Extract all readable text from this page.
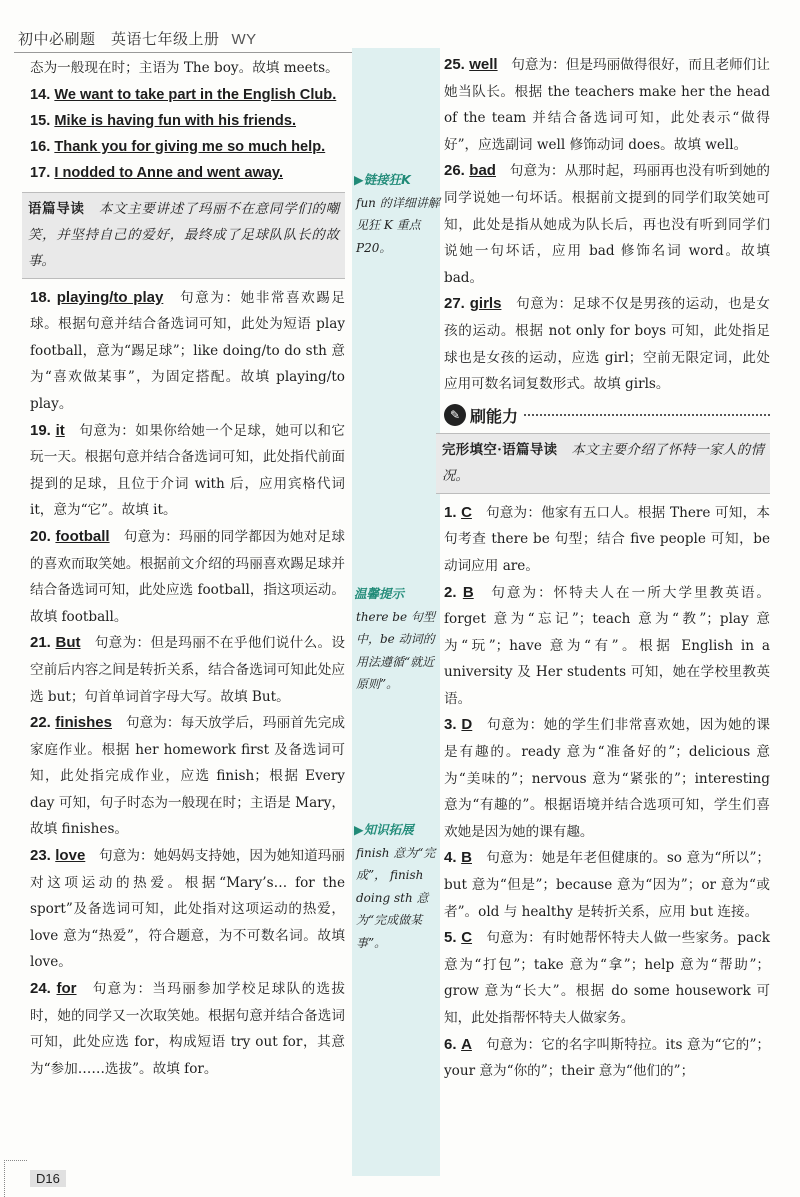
初中必刷题　英语七年级上册 WY

态为一般现在时；主语为 The boy。故填 meets。

14. We want to take part in the English Club.
15. Mike is having fun with his friends.
16. Thank you for giving me so much help.
17. I nodded to Anne and went away.

语篇导读　 本文主要讲述了玛丽不在意同学们的嘲笑，并坚持自己的爱好，最终成了足球队队长的故事。

18. playing/to play　 句意为：她非常喜欢踢足球。根据句意并结合备选词可知，此处为短语 play football，意为“踢足球”；like doing/to do sth 意为“喜欢做某事”，为固定搭配。故填 playing/to play。

19. it　 句意为：如果你给她一个足球，她可以和它玩一天。根据句意并结合备选词可知，此处指代前面提到的足球，且位于介词 with 后，应用宾格代词 it，意为“它”。故填 it。

20. football　 句意为：玛丽的同学都因为她对足球的喜欢而取笑她。根据前文介绍的玛丽喜欢踢足球并结合备选词可知，此处应选 football，指这项运动。故填 football。

21. But　 句意为：但是玛丽不在乎他们说什么。设空前后内容之间是转折关系，结合备选词可知此处应选 but；句首单词首字母大写。故填 But。

22. finishes　 句意为：每天放学后，玛丽首先完成家庭作业。根据 her homework first 及备选词可知，此处指完成作业，应选 finish；根据 Every day 可知，句子时态为一般现在时；主语是 Mary，故填 finishes。

23. love　 句意为：她妈妈支持她，因为她知道玛丽对这项运动的热爱。根据“Mary’s… for the sport”及备选词可知，此处指对这项运动的热爱，love 意为“热爱”，符合题意，为不可数名词。故填 love。

24. for　 句意为：当玛丽参加学校足球队的选拔时，她的同学又一次取笑她。根据句意并结合备选词可知，此处应选 for，构成短语 try out for，其意为“参加……选拔”。故填 for。

▶链接狂K
fun 的详细讲解见狂 K 重点 P20。
温馨提示
there be 句型中，be 动词的用法遵循“就近原则”。
▶知识拓展
finish 意为“完成”， finish doing sth 意为“完成做某事”。

25. well　 句意为：但是玛丽做得很好，而且老师们让她当队长。根据 the teachers make her the head of the team 并结合备选词可知，此处表示“做得好”，应选副词 well 修饰动词 does。故填 well。

26. bad　 句意为：从那时起，玛丽再也没有听到她的同学说她一句坏话。根据前文提到的同学们取笑她可知，此处是指从她成为队长后，再也没有听到同学们说她一句坏话，应用 bad 修饰名词 word。故填 bad。

27. girls　 句意为：足球不仅是男孩的运动，也是女孩的运动。根据 not only for boys 可知，此处指足球也是女孩的运动，应选 girl；空前无限定词，此处应用可数名词复数形式。故填 girls。

✎ 刷能力

完形填空·语篇导读　 本文主要介绍了怀特一家人的情况。

1. C　 句意为：他家有五口人。根据 There 可知，本句考查 there be 句型；结合 five people 可知，be 动词应用 are。

2. B　 句意为：怀特夫人在一所大学里教英语。forget 意为“忘记”；teach 意为“教”；play 意为“玩”；have 意为“有”。根据 English in a university 及 Her students 可知，她在学校里教英语。

3. D　 句意为：她的学生们非常喜欢她，因为她的课是有趣的。ready 意为“准备好的”；delicious 意为“美味的”；nervous 意为“紧张的”；interesting 意为“有趣的”。根据语境并结合选项可知，学生们喜欢她是因为她的课有趣。

4. B　 句意为：她是年老但健康的。so 意为“所以”；but 意为“但是”；because 意为“因为”；or 意为“或者”。old 与 healthy 是转折关系，应用 but 连接。

5. C　 句意为：有时她帮怀特夫人做一些家务。pack 意为“打包”；take 意为“拿”；help 意为“帮助”；grow 意为“长大”。根据 do some housework 可知，此处指帮怀特夫人做家务。

6. A　 句意为：它的名字叫斯特拉。its 意为“它的”；your 意为“你的”；their 意为“他们的”；

D16
